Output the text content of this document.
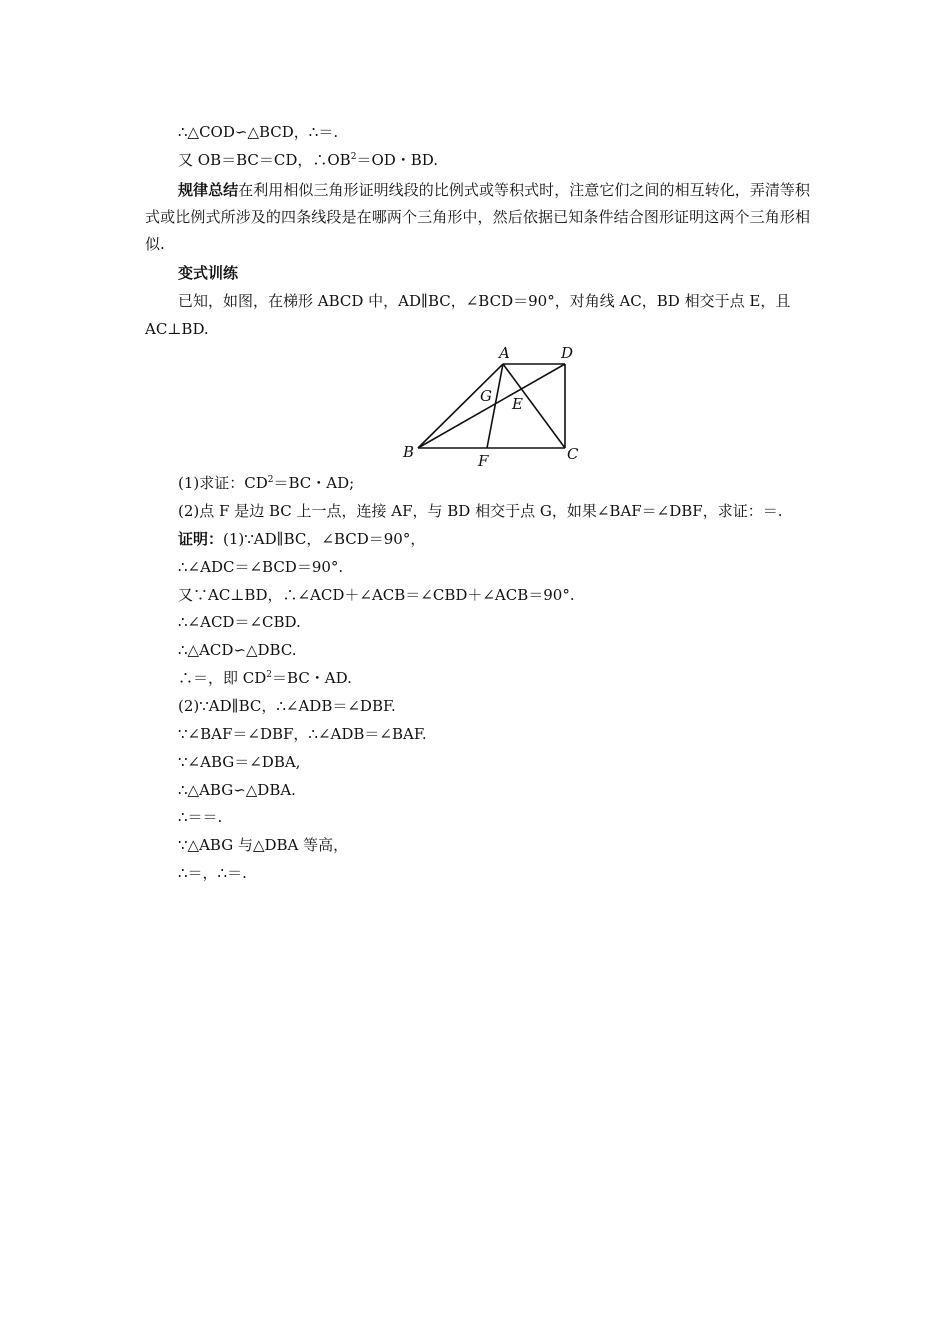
∴△COD∽△BCD，∴＝.
又 OB＝BC＝CD，$\therefore OB^2=OD$・BD.
规律总结在利用相似三角形证明线段的比例式或等积式时，注意它们之间的相互转化，弄清等积式或比例式所涉及的四条线段是在哪两个三角形中，然后依据已知条件结合图形证明这两个三角形相似.
变式训练
已知，如图，在梯形 ABCD 中，AD∥BC，∠BCD＝90°，对角线 AC，BD 相交于点 E，且
AC⊥BD.
A	D
G E
B	F	C
(1)求证：$CD^2=BC$・AD;
(2)点 F 是边 BC 上一点，连接 AF，与 BD 相交于点 G，如果∠BAF＝∠DBF，求证：＝.
证明：(1)∵AD∥BC，∠BCD＝90°，
∴∠ADC＝∠BCD＝90°.
又∵AC⊥BD，∴∠ACD＋∠ACB＝∠CBD＋∠ACB＝90°.
∴∠ACD＝∠CBD.
∴△ACD∽△DBC.
∴＝，即 $CD^2=BC$・AD.
(2)∵AD∥BC，∴∠ADB＝∠DBF.
∵∠BAF＝∠DBF，∴∠ADB＝∠BAF.
∵∠ABG＝∠DBA,
∴△ABG∽△DBA.
∴＝＝.
∵△ABG 与△DBA 等高，
∴＝，∴＝.
